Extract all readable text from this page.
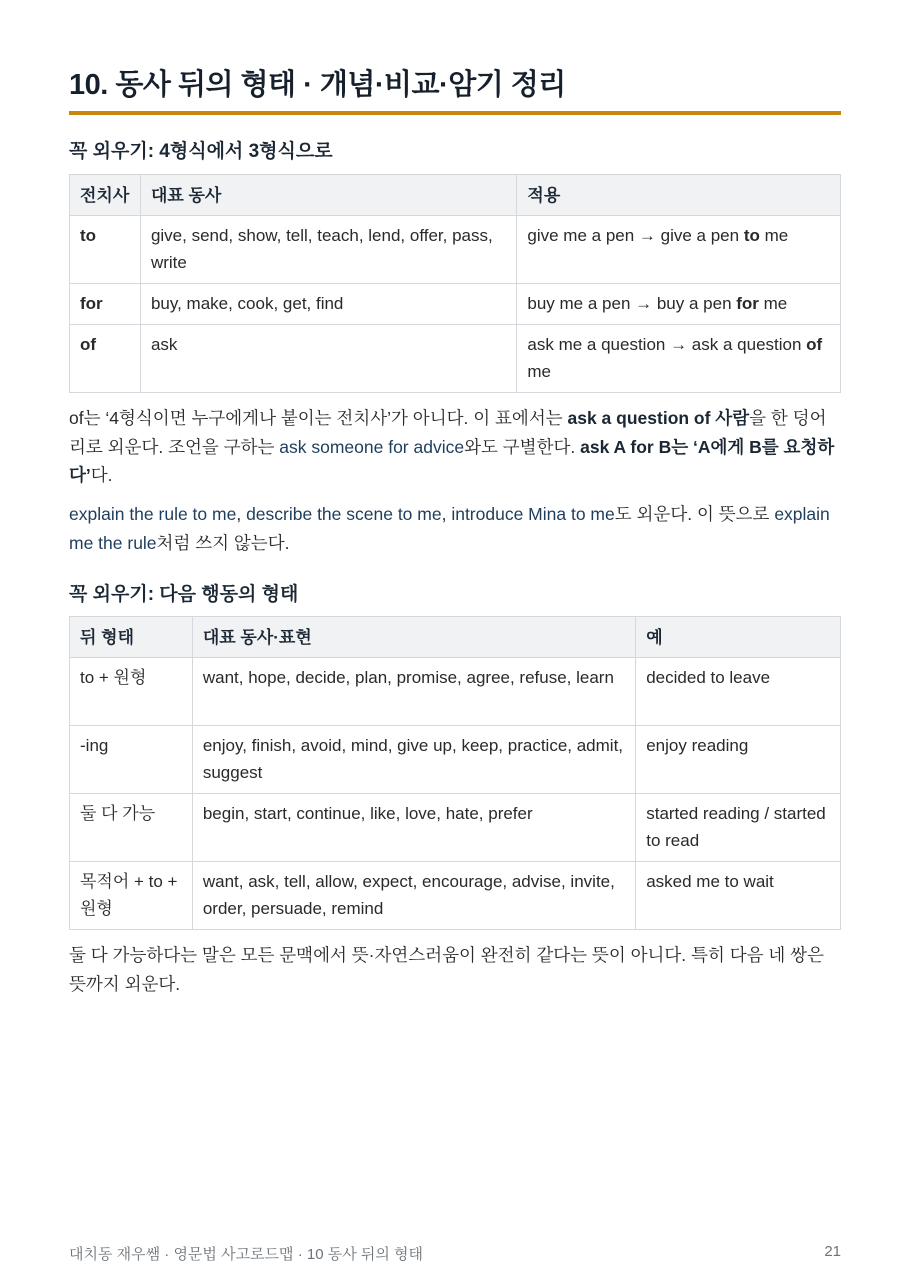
10. 동사 뒤의 형태 · 개념·비교·암기 정리
꼭 외우기: 4형식에서 3형식으로
전치사	대표 동사	적용
to	give, send, show, tell, teach, lend, offer, pass, write	give me a pen → give a pen to me
for	buy, make, cook, get, find	buy me a pen → buy a pen for me
of	ask	ask me a question → ask a question of me

of는 ‘4형식이면 누구에게나 붙이는 전치사’가 아니다. 이 표에서는 ask a question of 사람을 한 덩어리로 외운다. 조언을 구하는 ask someone for advice와도 구별한다. ask A for B는 ‘A에게 B를 요청하다’다.

explain the rule to me, describe the scene to me, introduce Mina to me도 외운다. 이 뜻으로 explain me the rule처럼 쓰지 않는다.

꼭 외우기: 다음 행동의 형태
뒤 형태	대표 동사·표현	예
to + 원형	want, hope, decide, plan, promise, agree, refuse, learn	decided to leave
-ing	enjoy, finish, avoid, mind, give up, keep, practice, admit, suggest	enjoy reading
둘 다 가능	begin, start, continue, like, love, hate, prefer	started reading / started to read
목적어 + to + 원형	want, ask, tell, allow, expect, encourage, advise, invite, order, persuade, remind	asked me to wait

둘 다 가능하다는 말은 모든 문맥에서 뜻·자연스러움이 완전히 같다는 뜻이 아니다. 특히 다음 네 쌍은 뜻까지 외운다.

대치동 재우쌤 · 영문법 사고로드맵 · 10 동사 뒤의 형태	21
